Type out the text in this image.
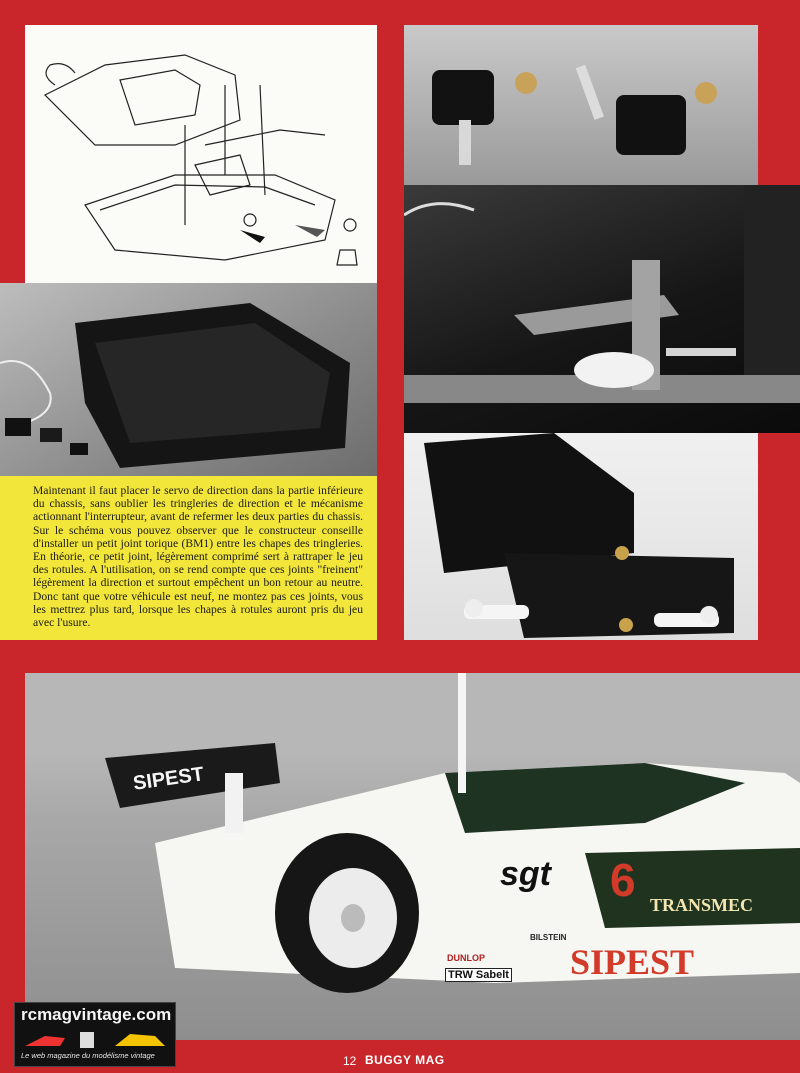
Maintenant il faut placer le servo de direction dans la partie inférieure du chassis, sans oublier les tringleries de direction et le mécanisme actionnant l'interrupteur, avant de refermer les deux parties du chassis. Sur le schéma vous pouvez observer que le constructeur conseille d'installer un petit joint torique (BM1) entre les chapes des tringleries. En théorie, ce petit joint, légèrement comprimé sert à rattraper le jeu des rotules. A l'utilisation, on se rend compte que ces joints "freinent" légèrement la direction et surtout empêchent un bon retour au neutre. Donc tant que votre véhicule est neuf, ne montez pas ces joints, vous les mettrez plus tard, lorsque les chapes à rotules auront pris du jeu avec l'usure.

sgt 6 TRANSMEC
SIPEST
DUNLOP
BILSTEIN
TRW Sabelt
SIPEST
rcmagvintage.com
Le web magazine du modélisme vintage	12 BUGGY MAG
